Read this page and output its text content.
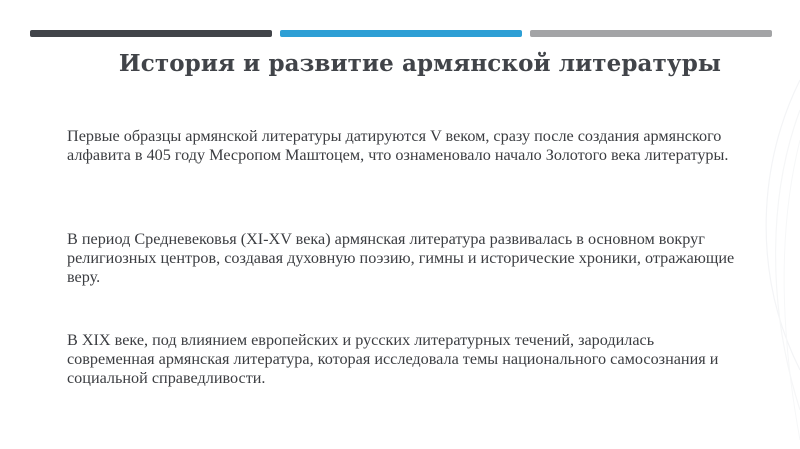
История и развитие армянской литературы

Первые образцы армянской литературы датируются V веком, сразу после создания армянского алфавита в 405 году Месропом Маштоцем, что ознаменовало начало Золотого века литературы.

В период Средневековья (XI-XV века) армянская литература развивалась в основном вокруг религиозных центров, создавая духовную поэзию, гимны и исторические хроники, отражающие веру.

В XIX веке, под влиянием европейских и русских литературных течений, зародилась современная армянская литература, которая исследовала темы национального самосознания и социальной справедливости.
